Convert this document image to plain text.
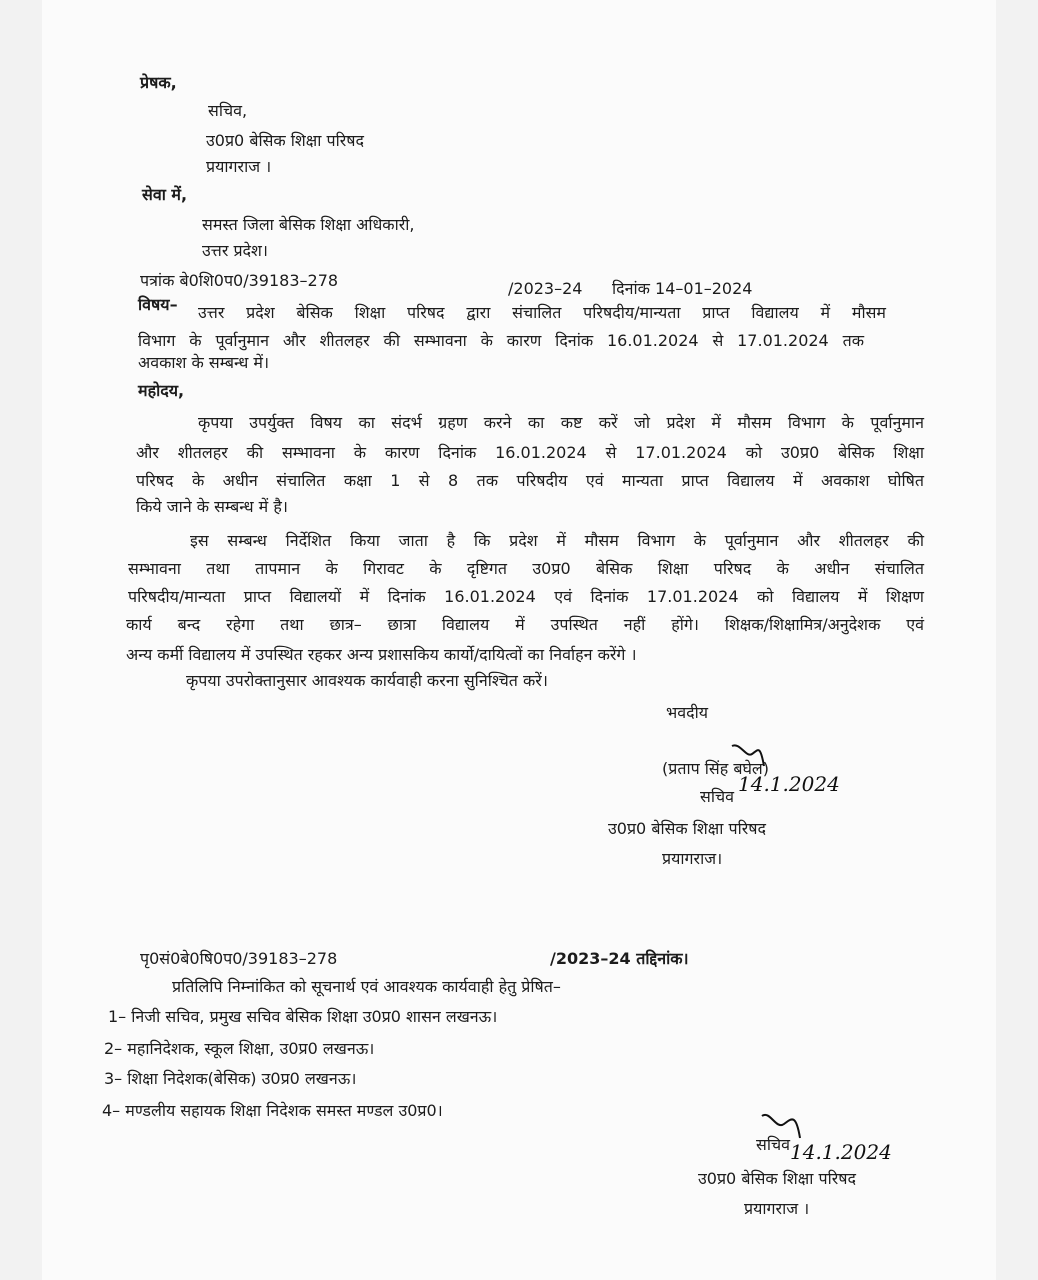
प्रेषक,
सचिव,
उ0प्र0 बेसिक शिक्षा परिषद
प्रयागराज ।
सेवा में,
समस्त जिला बेसिक शिक्षा अधिकारी,
उत्तर प्रदेश।
पत्रांक बे0शि0प0/39183–278	/2023–24 दिनांक 14–01–2024
विषय– उत्तर प्रदेश बेसिक शिक्षा परिषद द्वारा संचालित परिषदीय/मान्यता प्राप्त विद्यालय में मौसम
विभाग के पूर्वानुमान और शीतलहर की सम्भावना के कारण दिनांक 16.01.2024 से 17.01.2024 तक
अवकाश के सम्बन्ध में।
महोदय,
कृपया उपर्युक्त विषय का संदर्भ ग्रहण करने का कष्ट करें जो प्रदेश में मौसम विभाग के पूर्वानुमान
और शीतलहर की सम्भावना के कारण दिनांक 16.01.2024 से 17.01.2024 को उ0प्र0 बेसिक शिक्षा
परिषद के अधीन संचालित कक्षा 1 से 8 तक परिषदीय एवं मान्यता प्राप्त विद्यालय में अवकाश घोषित
किये जाने के सम्बन्ध में है।
इस सम्बन्ध निर्देशित किया जाता है कि प्रदेश में मौसम विभाग के पूर्वानुमान और शीतलहर की
सम्भावना तथा तापमान के गिरावट के दृष्टिगत उ0प्र0 बेसिक शिक्षा परिषद के अधीन संचालित
परिषदीय/मान्यता प्राप्त विद्यालयों में दिनांक 16.01.2024 एवं दिनांक 17.01.2024 को विद्यालय में शिक्षण
कार्य बन्द रहेगा तथा छात्र– छात्रा विद्यालय में उपस्थित नहीं होंगे। शिक्षक/शिक्षामित्र/अनुदेशक एवं
अन्य कर्मी विद्यालय में उपस्थित रहकर अन्य प्रशासकिय कार्यो/दायित्वों का निर्वाहन करेंगे ।
कृपया उपरोक्तानुसार आवश्यक कार्यवाही करना सुनिश्चित करें।
भवदीय
(प्रताप सिंह बघेल)
सचिव
14.1.2024
उ0प्र0 बेसिक शिक्षा परिषद
प्रयागराज।
पृ0सं0बे0षि0प0/39183–278	/2023–24 तद्दिनांक।
प्रतिलिपि निम्नांकित को सूचनार्थ एवं आवश्यक कार्यवाही हेतु प्रेषित–
1– निजी सचिव, प्रमुख सचिव बेसिक शिक्षा उ0प्र0 शासन लखनऊ।
2– महानिदेशक, स्कूल शिक्षा, उ0प्र0 लखनऊ।
3– शिक्षा निदेशक(बेसिक) उ0प्र0 लखनऊ।
4– मण्डलीय सहायक शिक्षा निदेशक समस्त मण्डल उ0प्र0।
सचिव 14.1.2024
उ0प्र0 बेसिक शिक्षा परिषद
प्रयागराज ।
